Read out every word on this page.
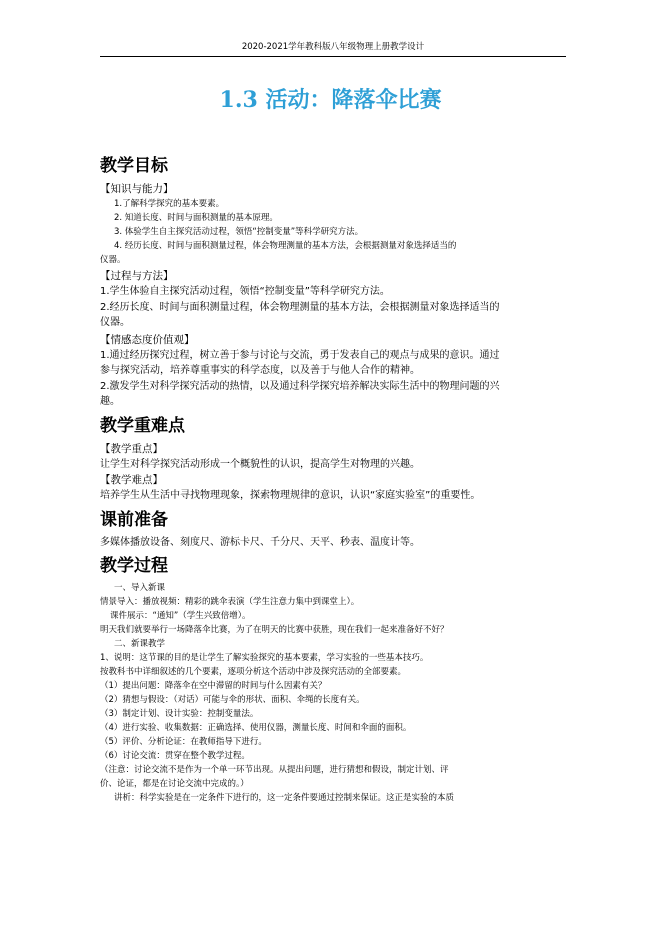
2020-2021学年教科版八年级物理上册教学设计
1.3 活动：降落伞比赛
教学目标
【知识与能力】
1.了解科学探究的基本要素。
2. 知道长度、时间与面积测量的基本原理。
3. 体验学生自主探究活动过程，领悟“控制变量”等科学研究方法。
4. 经历长度、时间与面积测量过程，体会物理测量的基本方法，会根据测量对象选择适当的
仪器。
【过程与方法】
1.学生体验自主探究活动过程，领悟“控制变量”等科学研究方法。
2.经历长度、时间与面积测量过程，体会物理测量的基本方法，会根据测量对象选择适当的
仪器。
【情感态度价值观】
1.通过经历探究过程，树立善于参与讨论与交流，勇于发表自己的观点与成果的意识。通过
参与探究活动，培养尊重事实的科学态度，以及善于与他人合作的精神。
2.激发学生对科学探究活动的热情，以及通过科学探究培养解决实际生活中的物理问题的兴
趣。
教学重难点
【教学重点】
让学生对科学探究活动形成一个概貌性的认识，提高学生对物理的兴趣。
【教学难点】
培养学生从生活中寻找物理现象，探索物理规律的意识，认识“家庭实验室”的重要性。
课前准备
多媒体播放设备、刻度尺、游标卡尺、千分尺、天平、秒表、温度计等。
教学过程
一、导入新课
情景导入：播放视频：精彩的跳伞表演（学生注意力集中到课堂上）。
课件展示：“通知”（学生兴致倍增）。
明天我们就要举行一场降落伞比赛，为了在明天的比赛中获胜，现在我们一起来准备好不好？
二、新课教学
1、说明：这节课的目的是让学生了解实验探究的基本要素，学习实验的一些基本技巧。
按教科书中详细叙述的几个要素，逐项分析这个活动中涉及探究活动的全部要素。
（1）提出问题：降落伞在空中滞留的时间与什么因素有关？
（2）猜想与假设：（对话）可能与伞的形状、面积、伞绳的长度有关。
（3）制定计划、设计实验：控制变量法。
（4）进行实验、收集数据：正确选择、使用仪器，测量长度、时间和伞面的面积。
（5）评价、分析论证：在教师指导下进行。
（6）讨论交流：贯穿在整个教学过程。
（注意：讨论交流不是作为一个单一环节出现。从提出问题，进行猜想和假设，制定计划、评
价、论证，都是在讨论交流中完成的。）
讲析：科学实验是在一定条件下进行的，这一定条件要通过控制来保证。这正是实验的本质
